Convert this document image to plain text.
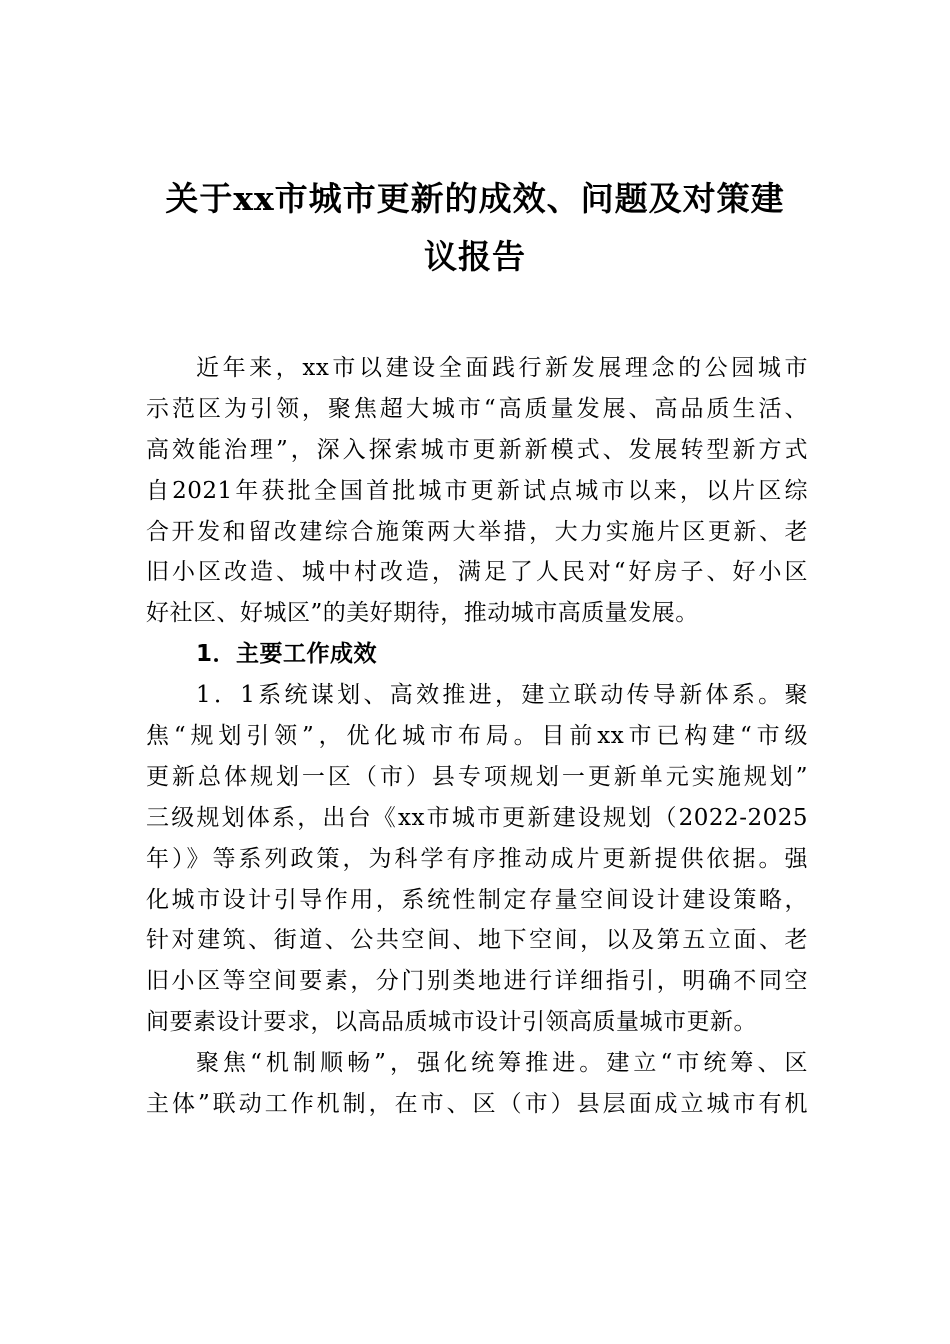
关于xx市城市更新的成效、问题及对策建
议报告
近年来，xx市以建设全面践行新发展理念的公园城市
示范区为引领，聚焦超大城市“高质量发展、高品质生活、
高效能治理”，深入探索城市更新新模式、发展转型新方式
自2021年获批全国首批城市更新试点城市以来，以片区综
合开发和留改建综合施策两大举措，大力实施片区更新、老
旧小区改造、城中村改造，满足了人民对“好房子、好小区
好社区、好城区”的美好期待，推动城市高质量发展。
1．主要工作成效
1．1系统谋划、高效推进，建立联动传导新体系。聚
焦“规划引领”，优化城市布局。目前xx市已构建“市级
更新总体规划一区（市）县专项规划一更新单元实施规划”
三级规划体系，出台《xx市城市更新建设规划（2022-2025
年）》等系列政策，为科学有序推动成片更新提供依据。强
化城市设计引导作用，系统性制定存量空间设计建设策略，
针对建筑、街道、公共空间、地下空间，以及第五立面、老
旧小区等空间要素，分门别类地进行详细指引，明确不同空
间要素设计要求，以高品质城市设计引领高质量城市更新。
聚焦“机制顺畅”，强化统筹推进。建立“市统筹、区
主体”联动工作机制，在市、区（市）县层面成立城市有机
